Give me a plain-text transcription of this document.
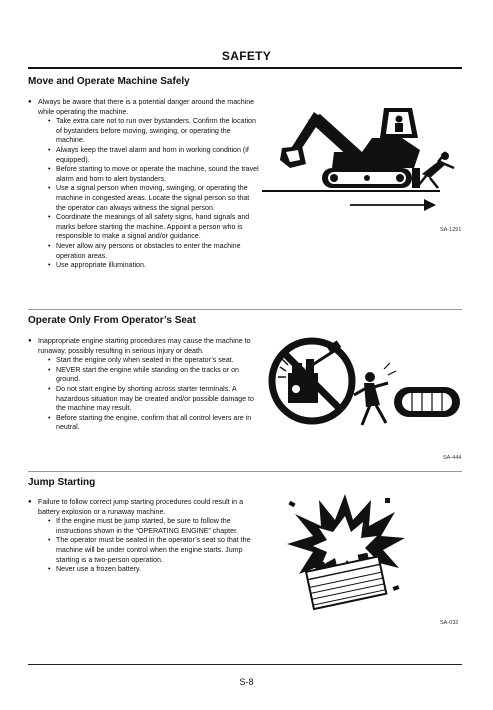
SAFETY
Move and Operate Machine Safely
● Always be aware that there is a potential danger around the machine while operating the machine.
• Take extra care not to run over bystanders. Confirm the location of bystanders before moving, swinging, or operating the machine.
• Always keep the travel alarm and horn in working condition (if equipped).
• Before starting to move or operate the machine, sound the travel alarm and horn to alert bystanders.
• Use a signal person when moving, swinging, or operating the machine in congested areas. Locate the signal person so that the operator can always witness the signal person.
• Coordinate the meanings of all safety signs, hand signals and marks before starting the machine. Appoint a person who is responsible to make a signal and/or guidance.
• Never allow any persons or obstacles to enter the machine operation areas.
• Use appropriate illumination.
SA-1291
Operate Only From Operator’s Seat
● Inappropriate engine starting procedures may cause the machine to runaway, possibly resulting in serious injury or death.
• Start the engine only when seated in the operator’s seat.
• NEVER start the engine while standing on the tracks or on ground.
• Do not start engine by shorting across starter terminals. A hazardous situation may be created and/or possible damage to the machine may result.
• Before starting the engine, confirm that all control levers are in neutral.
SA-444
Jump Starting
● Failure to follow correct jump starting procedures could result in a battery explosion or a runaway machine.
• If the engine must be jump started, be sure to follow the instructions shown in the “OPERATING ENGINE” chapter.
• The operator must be seated in the operator’s seat so that the machine will be under control when the engine starts. Jump starting is a two-person operation.
• Never use a frozen battery.
SA-032
S-8
